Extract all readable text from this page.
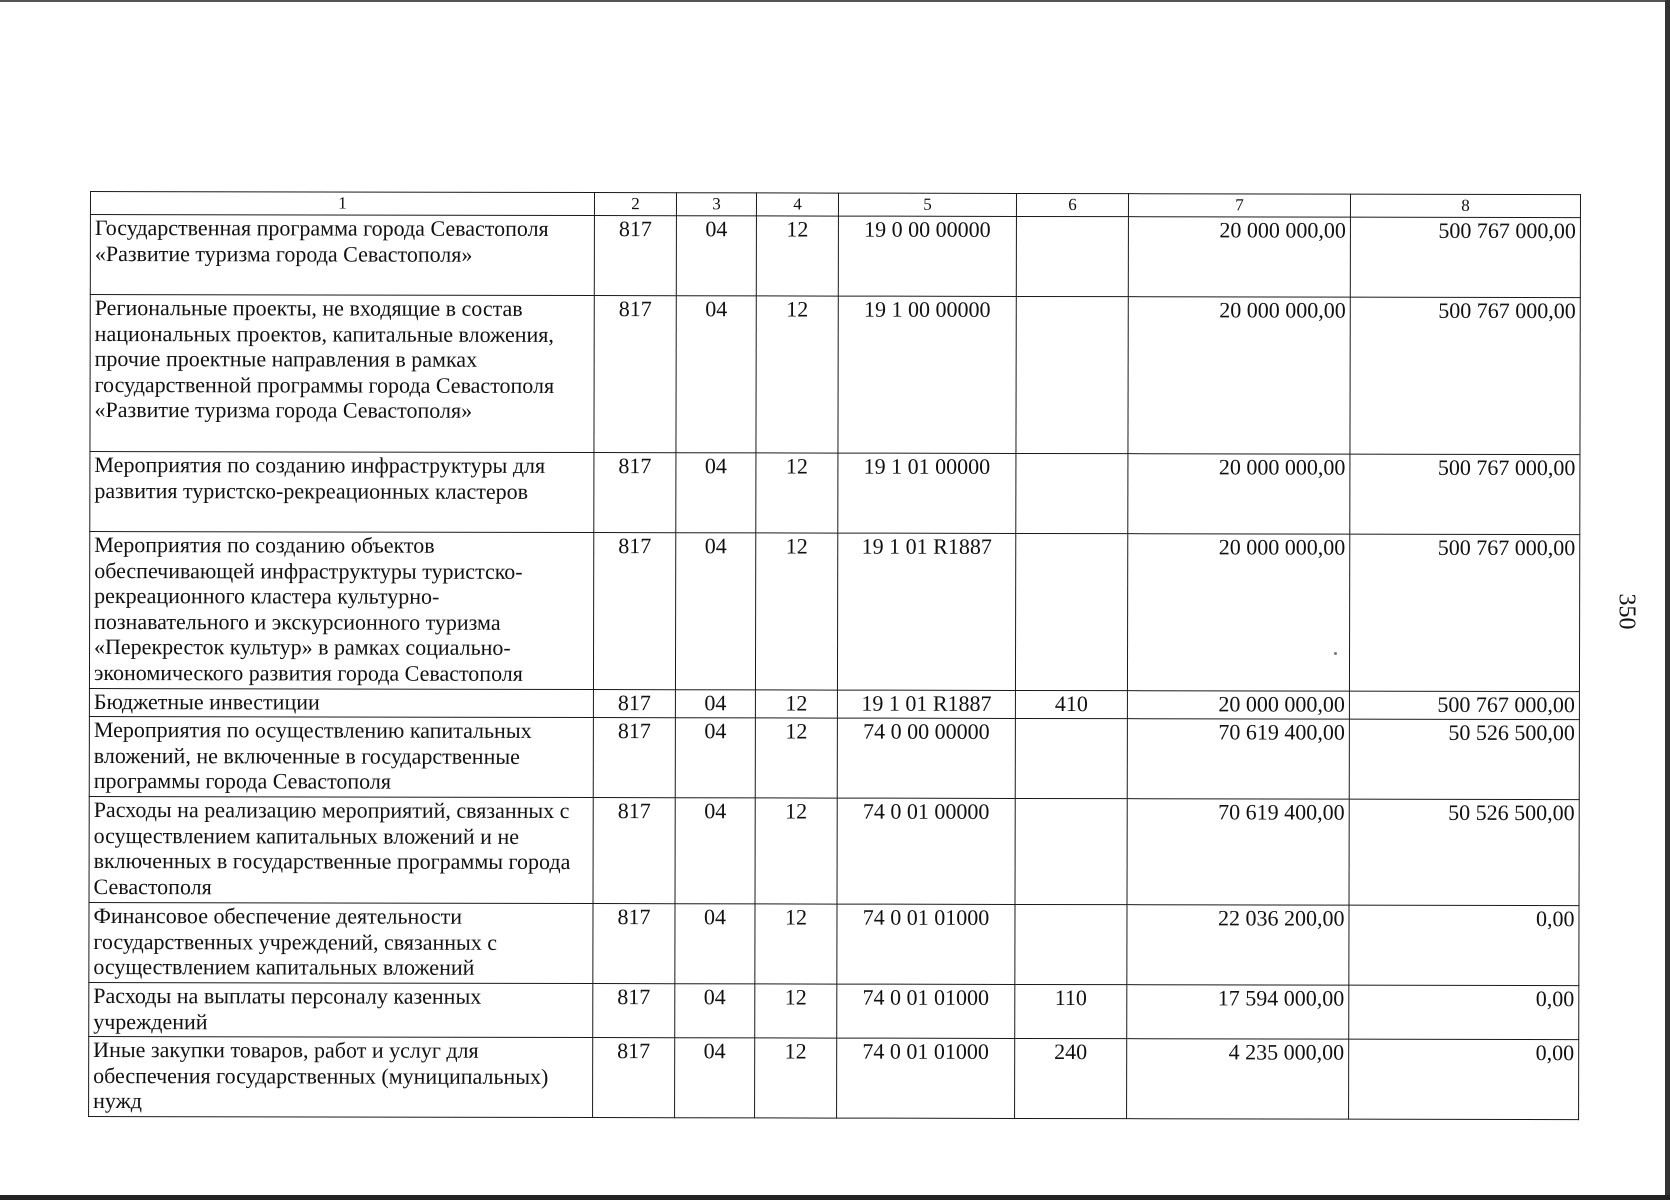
1	2	3	4	5	6	7	8
Государственная программа города Севастополя «Развитие туризма города Севастополя»	817	04	12	19 0 00 00000		20 000 000,00	500 767 000,00
Региональные проекты, не входящие в состав национальных проектов, капитальные вложения, прочие проектные направления в рамках государственной программы города Севастополя «Развитие туризма города Севастополя»	817	04	12	19 1 00 00000		20 000 000,00	500 767 000,00
Мероприятия по созданию инфраструктуры для развития туристско-рекреационных кластеров	817	04	12	19 1 01 00000		20 000 000,00	500 767 000,00
Мероприятия по созданию объектов обеспечивающей инфраструктуры туристско-рекреационного кластера культурно-познавательного и экскурсионного туризма «Перекресток культур» в рамках социально-экономического развития города Севастополя	817	04	12	19 1 01 R1887		20 000 000,00	500 767 000,00
Бюджетные инвестиции	817	04	12	19 1 01 R1887	410	20 000 000,00	500 767 000,00
Мероприятия по осуществлению капитальных вложений, не включенные в государственные программы города Севастополя	817	04	12	74 0 00 00000		70 619 400,00	50 526 500,00
Расходы на реализацию мероприятий, связанных с осуществлением капитальных вложений и не включенных в государственные программы города Севастополя	817	04	12	74 0 01 00000		70 619 400,00	50 526 500,00
Финансовое обеспечение деятельности государственных учреждений, связанных с осуществлением капитальных вложений	817	04	12	74 0 01 01000		22 036 200,00	0,00
Расходы на выплаты персоналу казенных учреждений	817	04	12	74 0 01 01000	110	17 594 000,00	0,00
Иные закупки товаров, работ и услуг для обеспечения государственных (муниципальных) нужд	817	04	12	74 0 01 01000	240	4 235 000,00	0,00
350
